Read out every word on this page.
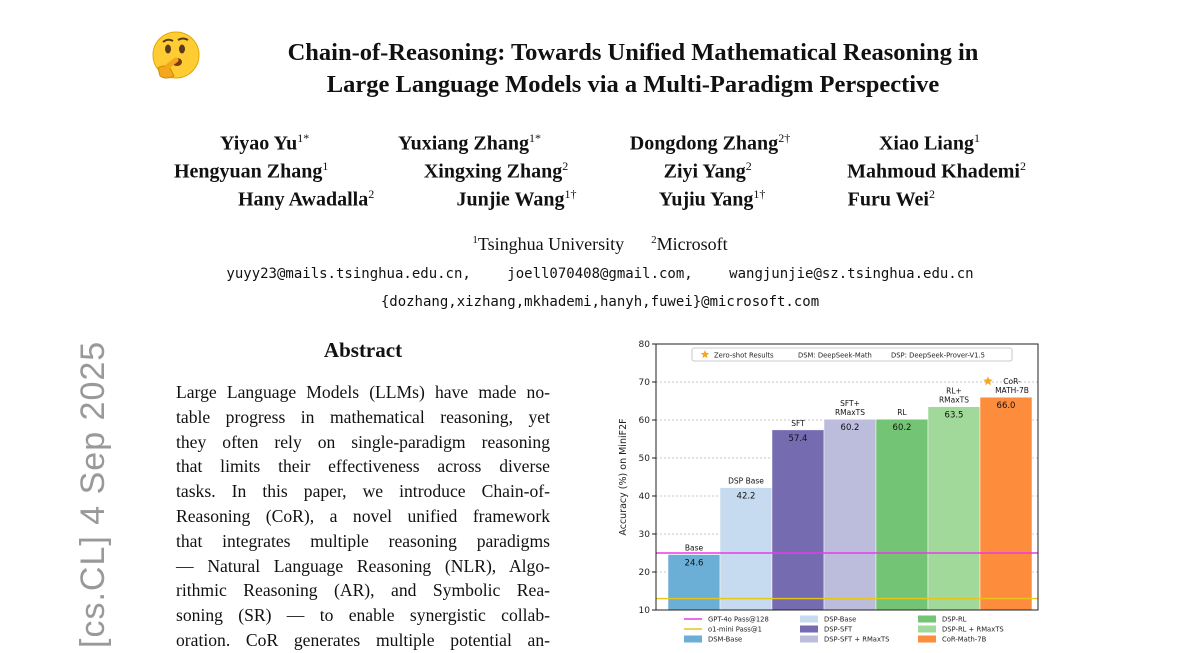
Chain-of-Reasoning: Towards Unified Mathematical Reasoning in
Large Language Models via a Multi-Paradigm Perspective
Yiyao $Yu^{1*}$	Yuxiang Zhang$^{1*}$	Dongdong Zhang$^{2\dagger}$	Xiao Liang$^1$
Hengyuan Zhang$^1$	Xingxing Zhang$^2$	Ziyi Yang$^2$	Mahmoud Khademi$^2$
Hany Awadalla$^2$	Junjie Wang$^{1\dagger}$	Yujiu Yang$^{1\dagger}$	Furu Wei$^2$
$^1$Tsinghua University $^2$Microsoft
yuyy23@mails.tsinghua.edu.cn,	joell070408@gmail.com,	wangjunjie@sz.tsinghua.edu.cn
{dozhang,xizhang,mkhademi,hanyh,fuwei}@microsoft.com
Abstract
Large Language Models (LLMs) have made no-
table progress in mathematical reasoning, yet
they often rely on single-paradigm reasoning
that limits their effectiveness across diverse
tasks. In this paper, we introduce Chain-of-
Reasoning (CoR), a novel unified framework
that integrates multiple reasoning paradigms
— Natural Language Reasoning (NLR), Algo-
rithmic Reasoning (AR), and Symbolic Rea-
soning (SR) — to enable synergistic collab-
oration. CoR generates multiple potential an-
[cs.CL] 4 Sep 2025	10
20
30
40
50
60
70
80
Accuracy (%) on MiniF2F
24.6
Base
42.2
DSP Base
57.4
SFT	60.2
SFT+
RMaxTS
60.2
RL	63.5
RL+
RMaxTS
66.0
CoR-
MATH-7B
Zero-shot Results	DSM: DeepSeek-Math	DSP: DeepSeek-Prover-V1.5
GPT-4o Pass@128	DSP-Base	DSP-RL
o1-mini Pass@1	DSP-SFT	DSP-RL + RMaxTS
DSM-Base	DSP-SFT + RMaxTS	CoR-Math-7B
